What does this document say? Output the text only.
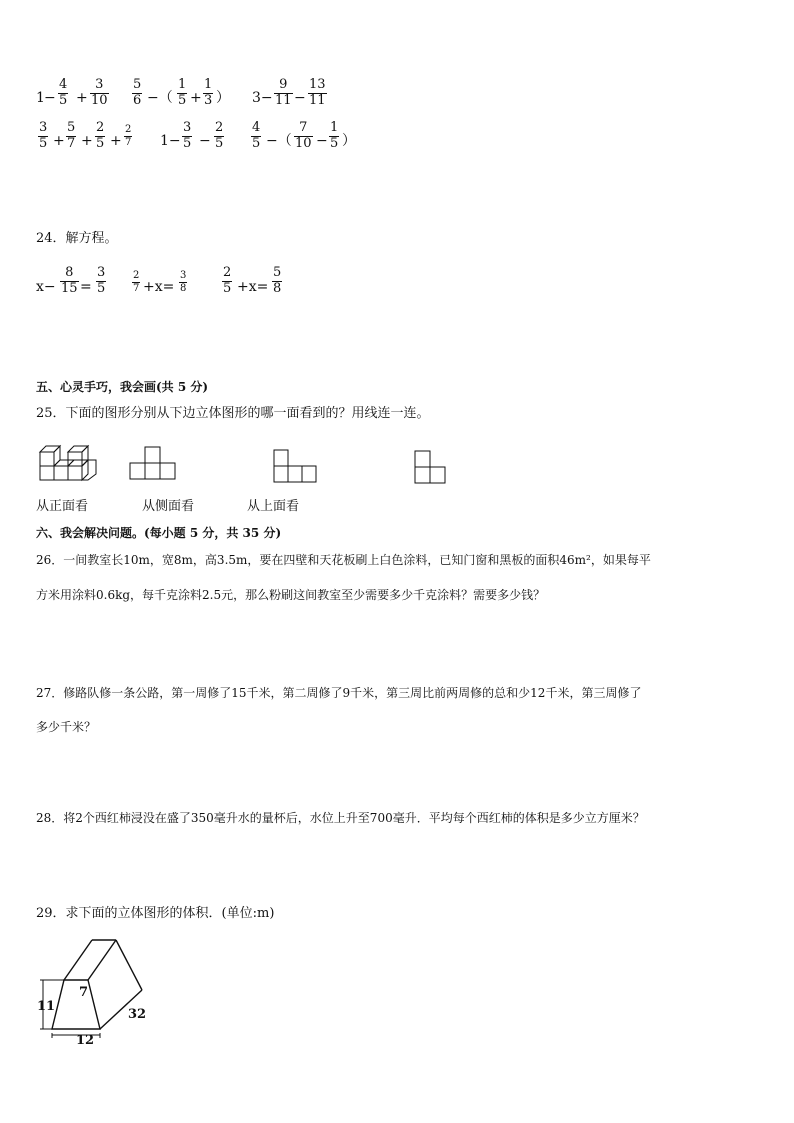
$1 - \frac{4}{5} + \frac{3}{10} \frac{5}{6}$ −（ $\frac{1}{5} + \frac{1}{3}$ ） $3- \frac{9}{11} - \frac{13}{11}$
$\frac{3}{5} + \frac{5}{7} + \frac{2}{5} + \frac{2}{7} 1- \frac{3}{5} - \frac{2}{5} \frac{4}{5}$ −（ $\frac{7}{10} - \frac{1}{5}$ ）
24．解方程。
$x- \frac{8}{15} = \frac{3}{5}$	$\frac{2}{7} +x= \frac{3}{8}$	$\frac{2}{5} +x= \frac{5}{8}$
五、心灵手巧，我会画(共 5 分)
25．下面的图形分别从下边立体图形的哪一面看到的？用线连一连。
从正面看	从侧面看	从上面看
六、我会解决问题。(每小题 5 分，共 35 分)
26．一间教室长10m，宽8m，高3.5m，要在四壁和天花板刷上白色涂料，已知门窗和黑板的面积46m²，如果每平
方米用涂料0.6kg，每千克涂料2.5元，那么粉刷这间教室至少需要多少千克涂料？需要多少钱？
27．修路队修一条公路，第一周修了15千米，第二周修了9千米，第三周比前两周修的总和少12千米，第三周修了
多少千米？
28．将2个西红柿浸没在盛了350毫升水的量杯后，水位上升至700毫升．平均每个西红柿的体积是多少立方厘米？
29．求下面的立体图形的体积．(单位:m)
7
11
12
32
